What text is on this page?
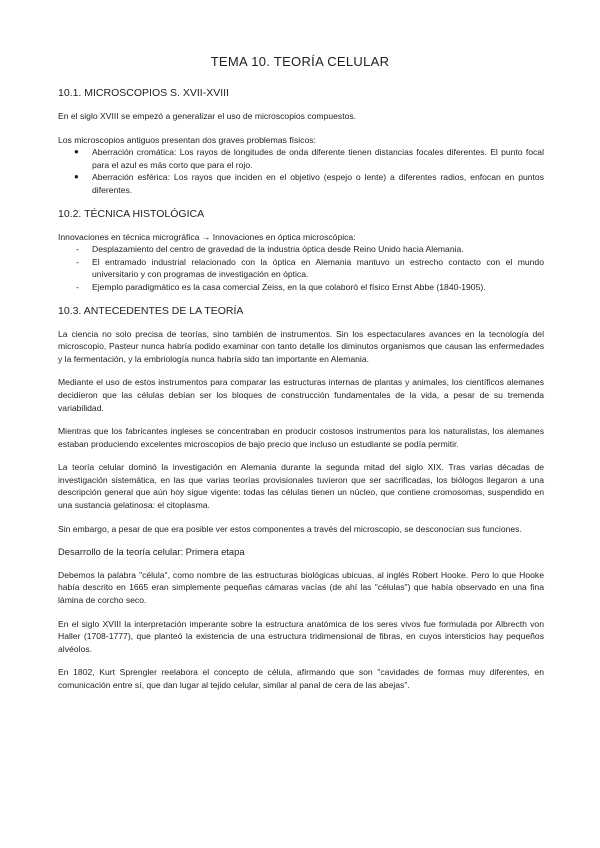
TEMA 10. TEORÍA CELULAR
10.1. MICROSCOPIOS S. XVII-XVIII

En el siglo XVIII se empezó a generalizar el uso de microscopios compuestos.

Los microscopios antiguos presentan dos graves problemas físicos:

● Aberración cromática: Los rayos de longitudes de onda diferente tienen distancias focales diferentes. El punto focal para el azul es más corto que para el rojo.
● Aberración esférica: Los rayos que inciden en el objetivo (espejo o lente) a diferentes radios, enfocan en puntos diferentes.
10.2. TÉCNICA HISTOLÓGICA

Innovaciones en técnica micrográfica → Innovaciones en óptica microscópica:

- Desplazamiento del centro de gravedad de la industria óptica desde Reino Unido hacia Alemania.
- El entramado industrial relacionado con la óptica en Alemania mantuvo un estrecho contacto con el mundo universitario y con programas de investigación en óptica.
- Ejemplo paradigmático es la casa comercial Zeiss, en la que colaboró el físico Ernst Abbe (1840-1905).
10.3. ANTECEDENTES DE LA TEORÍA

La ciencia no solo precisa de teorías, sino también de instrumentos. Sin los espectaculares avances en la tecnología del microscopio, Pasteur nunca habría podido examinar con tanto detalle los diminutos organismos que causan las enfermedades y la fermentación, y la embriología nunca habría sido tan importante en Alemania.

Mediante el uso de estos instrumentos para comparar las estructuras internas de plantas y animales, los científicos alemanes decidieron que las células debían ser los bloques de construcción fundamentales de la vida, a pesar de su tremenda variabilidad.

Mientras que los fabricantes ingleses se concentraban en producir costosos instrumentos para los naturalistas, los alemanes estaban produciendo excelentes microscopios de bajo precio que incluso un estudiante se podía permitir.

La teoría celular dominó la investigación en Alemania durante la segunda mitad del siglo XIX. Tras varias décadas de investigación sistemática, en las que varias teorías provisionales tuvieron que ser sacrificadas, los biólogos llegaron a una descripción general que aún hoy sigue vigente: todas las células tienen un núcleo, que contiene cromosomas, suspendido en una sustancia gelatinosa: el citoplasma.

Sin embargo, a pesar de que era posible ver estos componentes a través del microscopio, se desconocían sus funciones.

Desarrollo de la teoría celular: Primera etapa

Debemos la palabra "célula", como nombre de las estructuras biológicas ubicuas, al inglés Robert Hooke. Pero lo que Hooke había descrito en 1665 eran simplemente pequeñas cámaras vacías (de ahí las "células") que había observado en una fina lámina de corcho seco.

En el siglo XVIII la interpretación imperante sobre la estructura anatómica de los seres vivos fue formulada por Albrecth von Haller (1708-1777), que planteó la existencia de una estructura tridimensional de fibras, en cuyos intersticios hay pequeños alvéolos.

En 1802, Kurt Sprengler reelabora el concepto de célula, afirmando que son "cavidades de formas muy diferentes, en comunicación entre sí, que dan lugar al tejido celular, similar al panal de cera de las abejas".
